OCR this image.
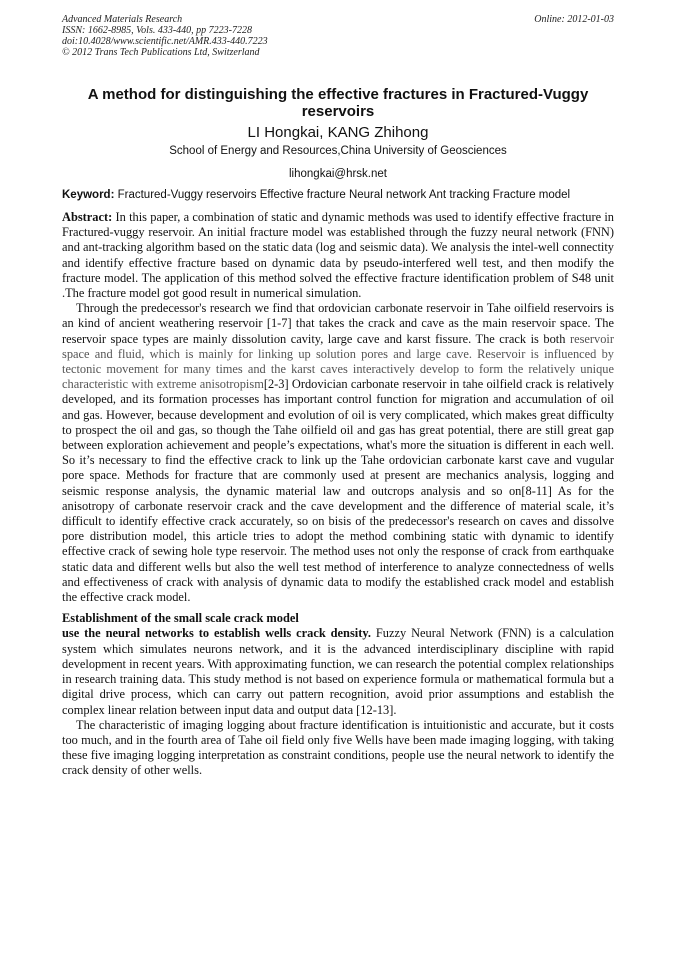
Advanced Materials Research
ISSN: 1662-8985, Vols. 433-440, pp 7223-7228
doi:10.4028/www.scientific.net/AMR.433-440.7223
© 2012 Trans Tech Publications Ltd, Switzerland
Online: 2012-01-03
A method for distinguishing the effective fractures in Fractured-Vuggy reservoirs
LI Hongkai, KANG Zhihong
School of Energy and Resources,China University of Geosciences
lihongkai@hrsk.net

Keyword: Fractured-Vuggy reservoirs Effective fracture Neural network Ant tracking Fracture model

Abstract: In this paper, a combination of static and dynamic methods was used to identify effective fracture in Fractured-vuggy reservoir. An initial fracture model was established through the fuzzy neural network (FNN) and ant-tracking algorithm based on the static data (log and seismic data). We analysis the intel-well connectity and identify effective fracture based on dynamic data by pseudo-interfered well test, and then modify the fracture model. The application of this method solved the effective fracture identification problem of S48 unit .The fracture model got good result in numerical simulation.

Through the predecessor's research we find that ordovician carbonate reservoir in Tahe oilfield reservoirs is an kind of ancient weathering reservoir [1-7] that takes the crack and cave as the main reservoir space. The reservoir space types are mainly dissolution cavity, large cave and karst fissure. The crack is both reservoir space and fluid, which is mainly for linking up solution pores and large cave. Reservoir is influenced by tectonic movement for many times and the karst caves interactively develop to form the relatively unique characteristic with extreme anisotropism[2-3] Ordovician carbonate reservoir in tahe oilfield crack is relatively developed, and its formation processes has important control function for migration and accumulation of oil and gas. However, because development and evolution of oil is very complicated, which makes great difficulty to prospect the oil and gas, so though the Tahe oilfield oil and gas has great potential, there are still great gap between exploration achievement and people’s expectations, what's more the situation is different in each well. So it’s necessary to find the effective crack to link up the Tahe ordovician carbonate karst cave and vugular pore space. Methods for fracture that are commonly used at present are mechanics analysis, logging and seismic response analysis, the dynamic material law and outcrops analysis and so on[8-11] As for the anisotropy of carbonate reservoir crack and the cave development and the difference of material scale, it’s difficult to identify effective crack accurately, so on bisis of the predecessor's research on caves and dissolve pore distribution model, this article tries to adopt the method combining static with dynamic to identify effective crack of sewing hole type reservoir. The method uses not only the response of crack from earthquake static data and different wells but also the well test method of interference to analyze connectedness of wells and effectiveness of crack with analysis of dynamic data to modify the established crack model and establish the effective crack model.

Establishment of the small scale crack model

use the neural networks to establish wells crack density. Fuzzy Neural Network (FNN) is a calculation system which simulates neurons network, and it is the advanced interdisciplinary discipline with rapid development in recent years. With approximating function, we can research the potential complex relationships in research training data. This study method is not based on experience formula or mathematical formula but a digital drive process, which can carry out pattern recognition, avoid prior assumptions and establish the complex linear relation between input data and output data [12-13].

The characteristic of imaging logging about fracture identification is intuitionistic and accurate, but it costs too much, and in the fourth area of Tahe oil field only five Wells have been made imaging logging, with taking these five imaging logging interpretation as constraint conditions, people use the neural network to identify the crack density of other wells.
